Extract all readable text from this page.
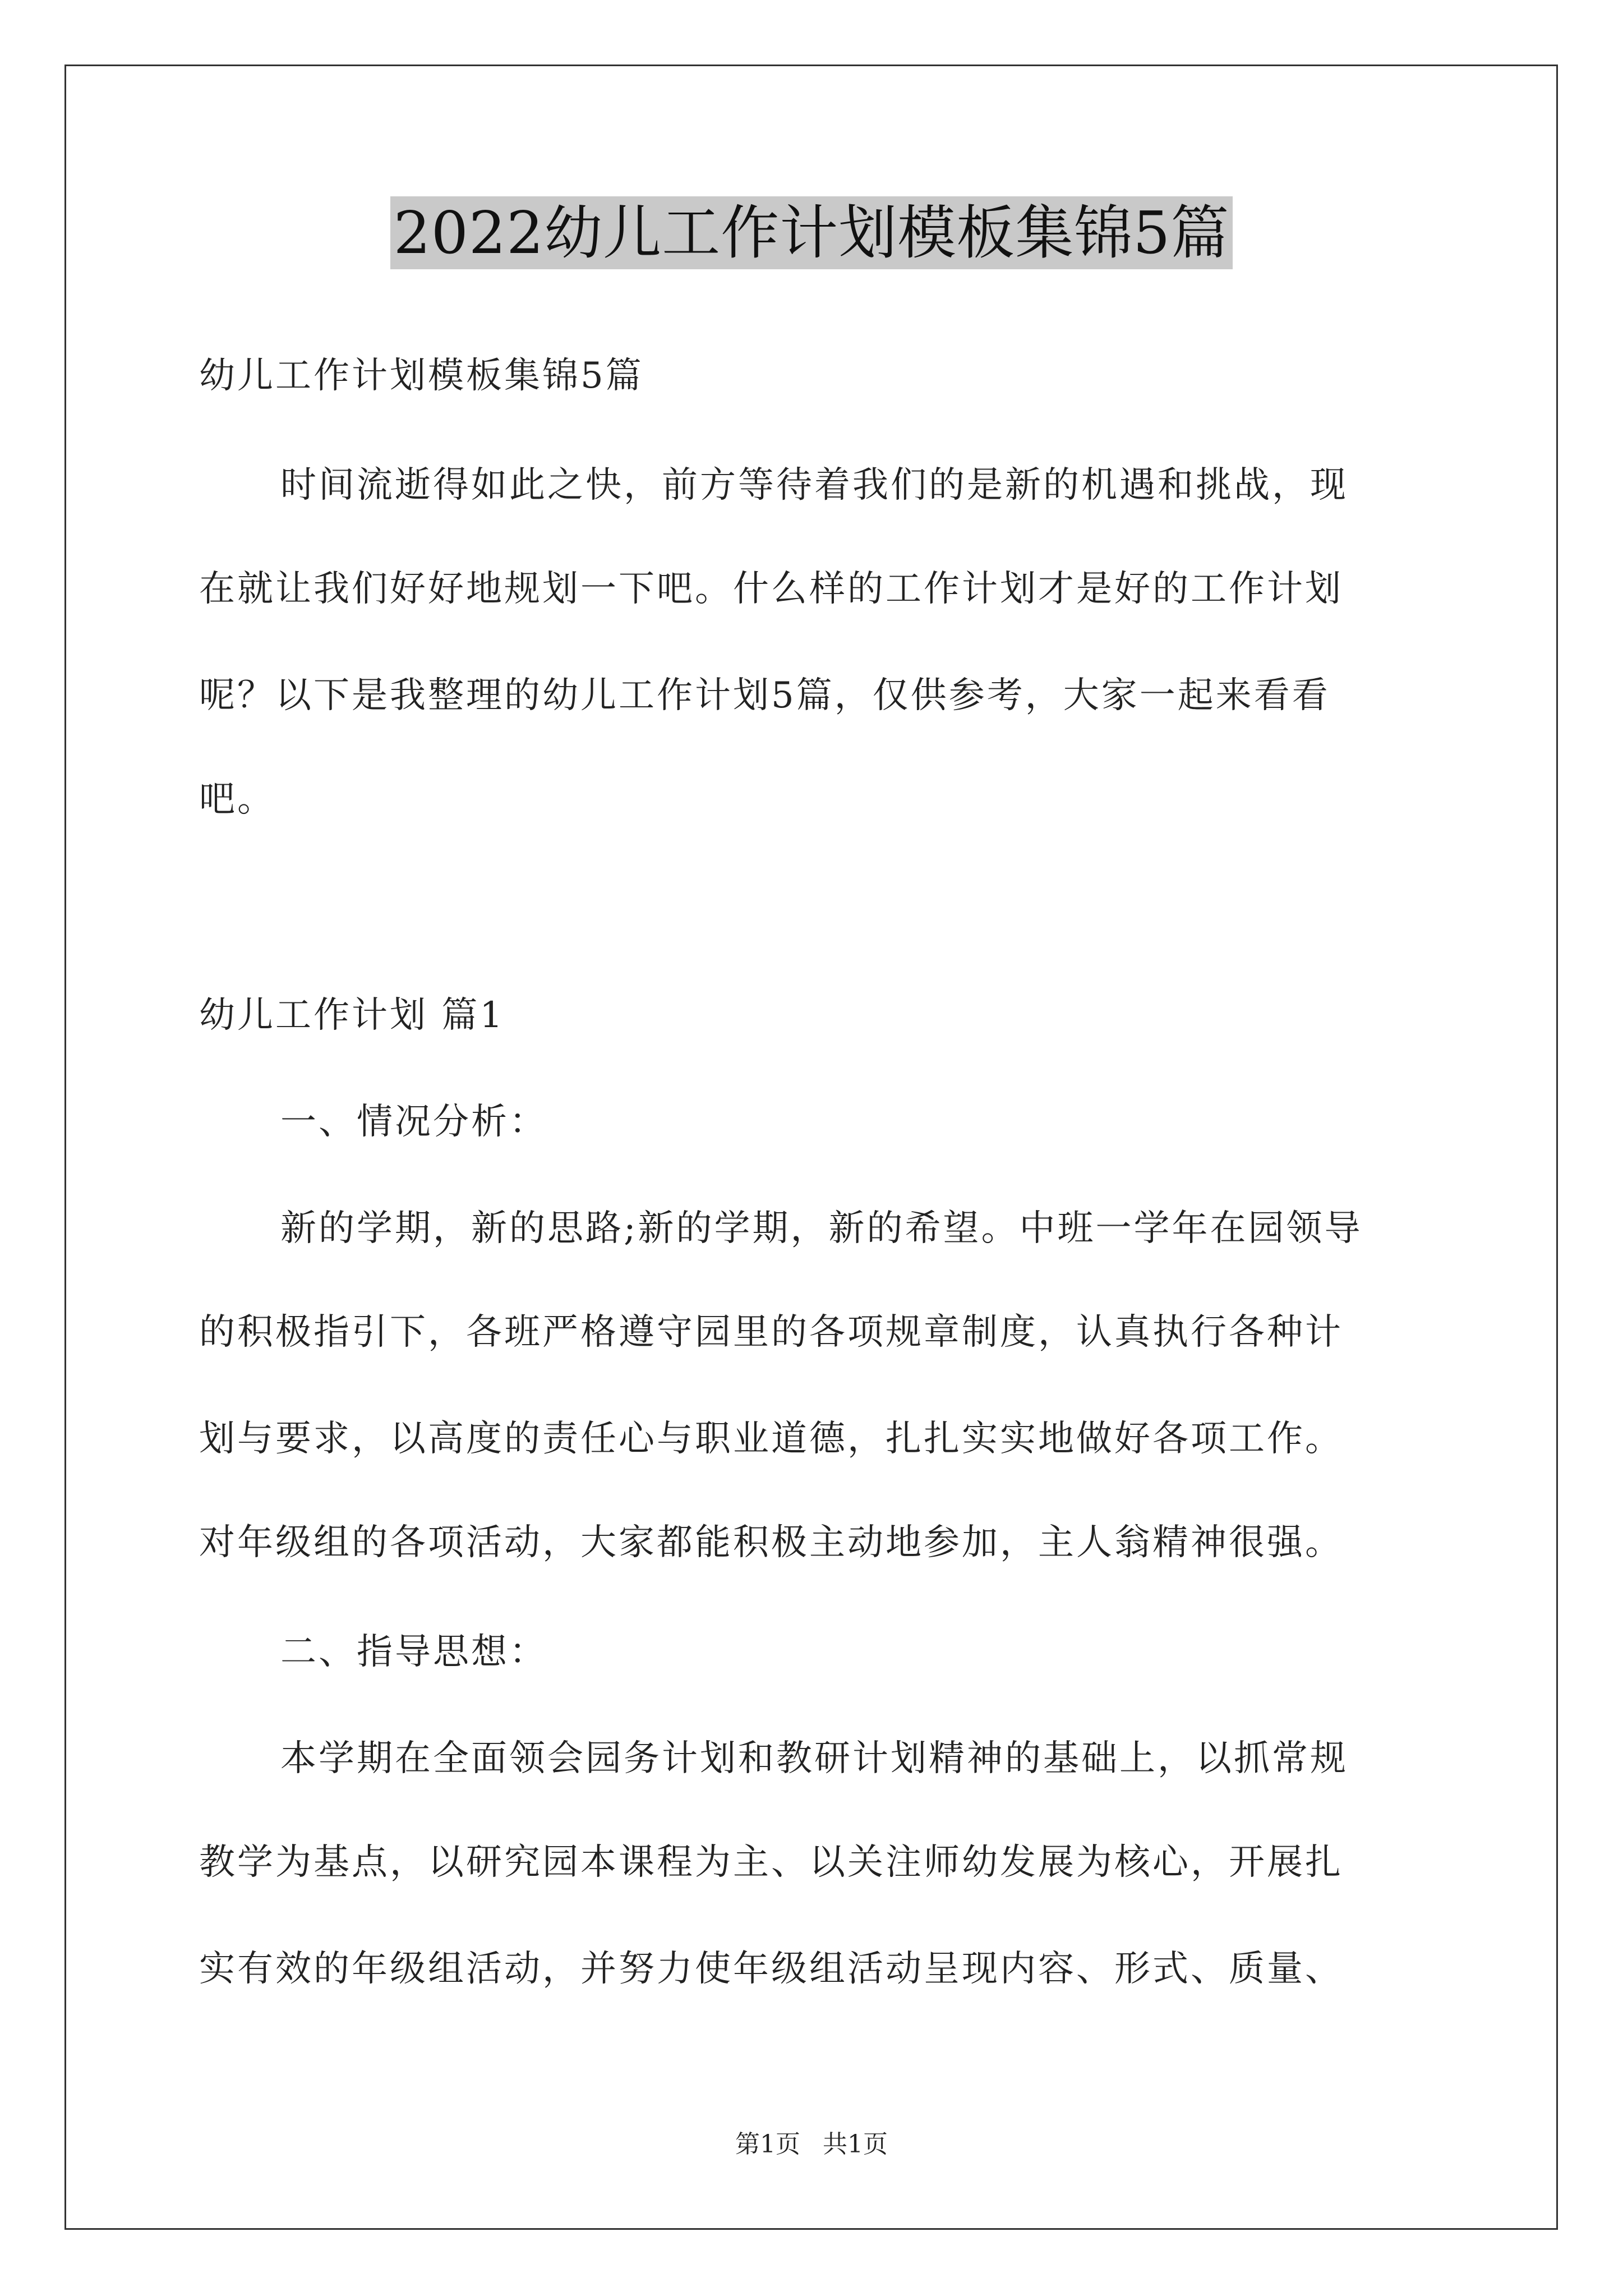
2022幼儿工作计划模板集锦5篇
幼儿工作计划模板集锦5篇
时间流逝得如此之快，前方等待着我们的是新的机遇和挑战，现
在就让我们好好地规划一下吧。什么样的工作计划才是好的工作计划
呢？以下是我整理的幼儿工作计划5篇，仅供参考，大家一起来看看
吧。
幼儿工作计划 篇1
一、情况分析：
新的学期，新的思路;新的学期，新的希望。中班一学年在园领导
的积极指引下，各班严格遵守园里的各项规章制度，认真执行各种计
划与要求，以高度的责任心与职业道德，扎扎实实地做好各项工作。
对年级组的各项活动，大家都能积极主动地参加，主人翁精神很强。
二、指导思想：
本学期在全面领会园务计划和教研计划精神的基础上，以抓常规
教学为基点，以研究园本课程为主、以关注师幼发展为核心，开展扎
实有效的年级组活动，并努力使年级组活动呈现内容、形式、质量、
第1页 共1页
